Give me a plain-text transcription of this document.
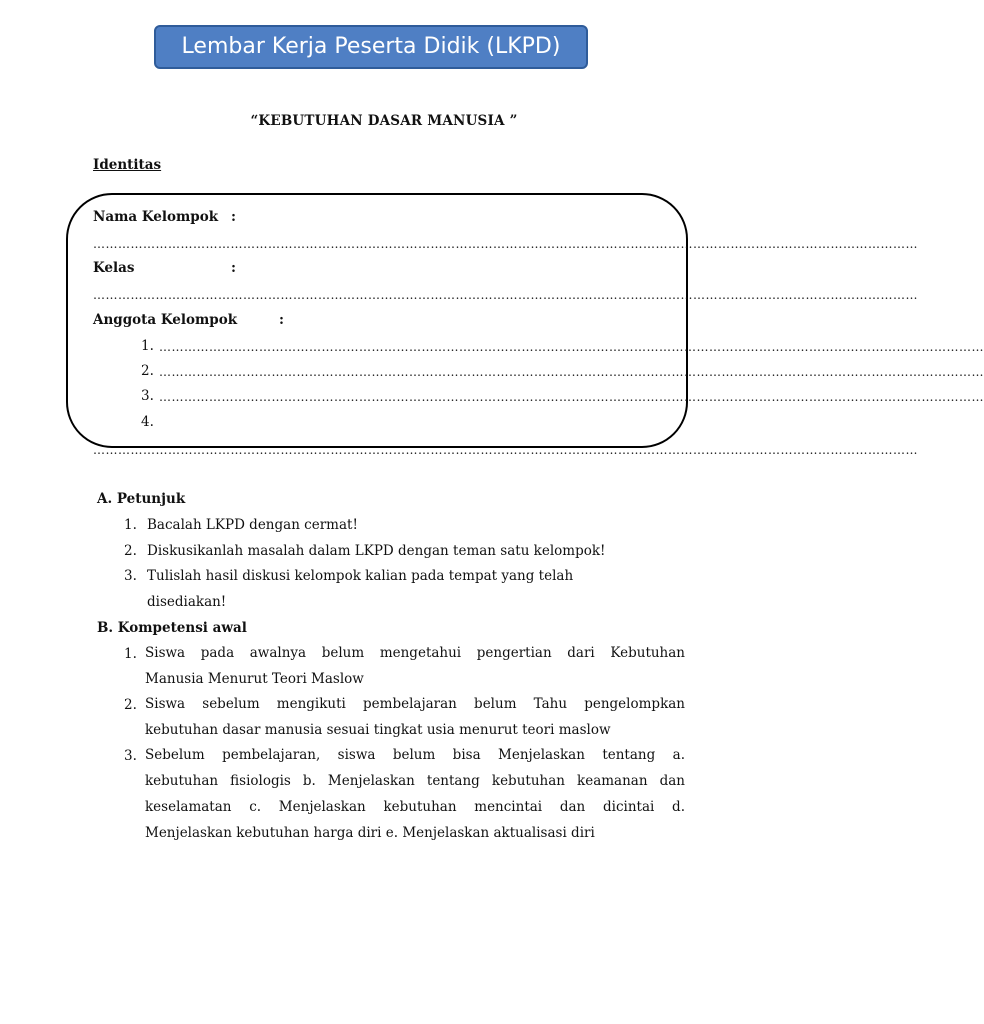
Lembar Kerja Peserta Didik (LKPD)
“KEBUTUHAN DASAR MANUSIA ”
Identitas
Nama Kelompok :
………………………………………………………………………………………………………………………………………………………………………………
Kelas	:
………………………………………………………………………………………………………………………………………………………………………………
Anggota Kelompok	:
1. ………………………………………………………………………………………………………………………………………………………………………………
2. ………………………………………………………………………………………………………………………………………………………………………………
3. ………………………………………………………………………………………………………………………………………………………………………………
4.
………………………………………………………………………………………………………………………………………………………………………………
A. Petunjuk
1. Bacalah LKPD dengan cermat!
2. Diskusikanlah masalah dalam LKPD dengan teman satu kelompok!
3. Tulislah hasil diskusi kelompok kalian pada tempat yang telah
disediakan!
B. Kompetensi awal
1. Siswa pada awalnya belum mengetahui pengertian dari Kebutuhan
Manusia Menurut Teori Maslow
2. Siswa sebelum mengikuti pembelajaran belum Tahu pengelompkan
kebutuhan dasar manusia sesuai tingkat usia menurut teori maslow
3. Sebelum pembelajaran, siswa belum bisa Menjelaskan tentang a.
kebutuhan fisiologis b. Menjelaskan tentang kebutuhan keamanan dan
keselamatan c. Menjelaskan kebutuhan mencintai dan dicintai d.
Menjelaskan kebutuhan harga diri e. Menjelaskan aktualisasi diri
